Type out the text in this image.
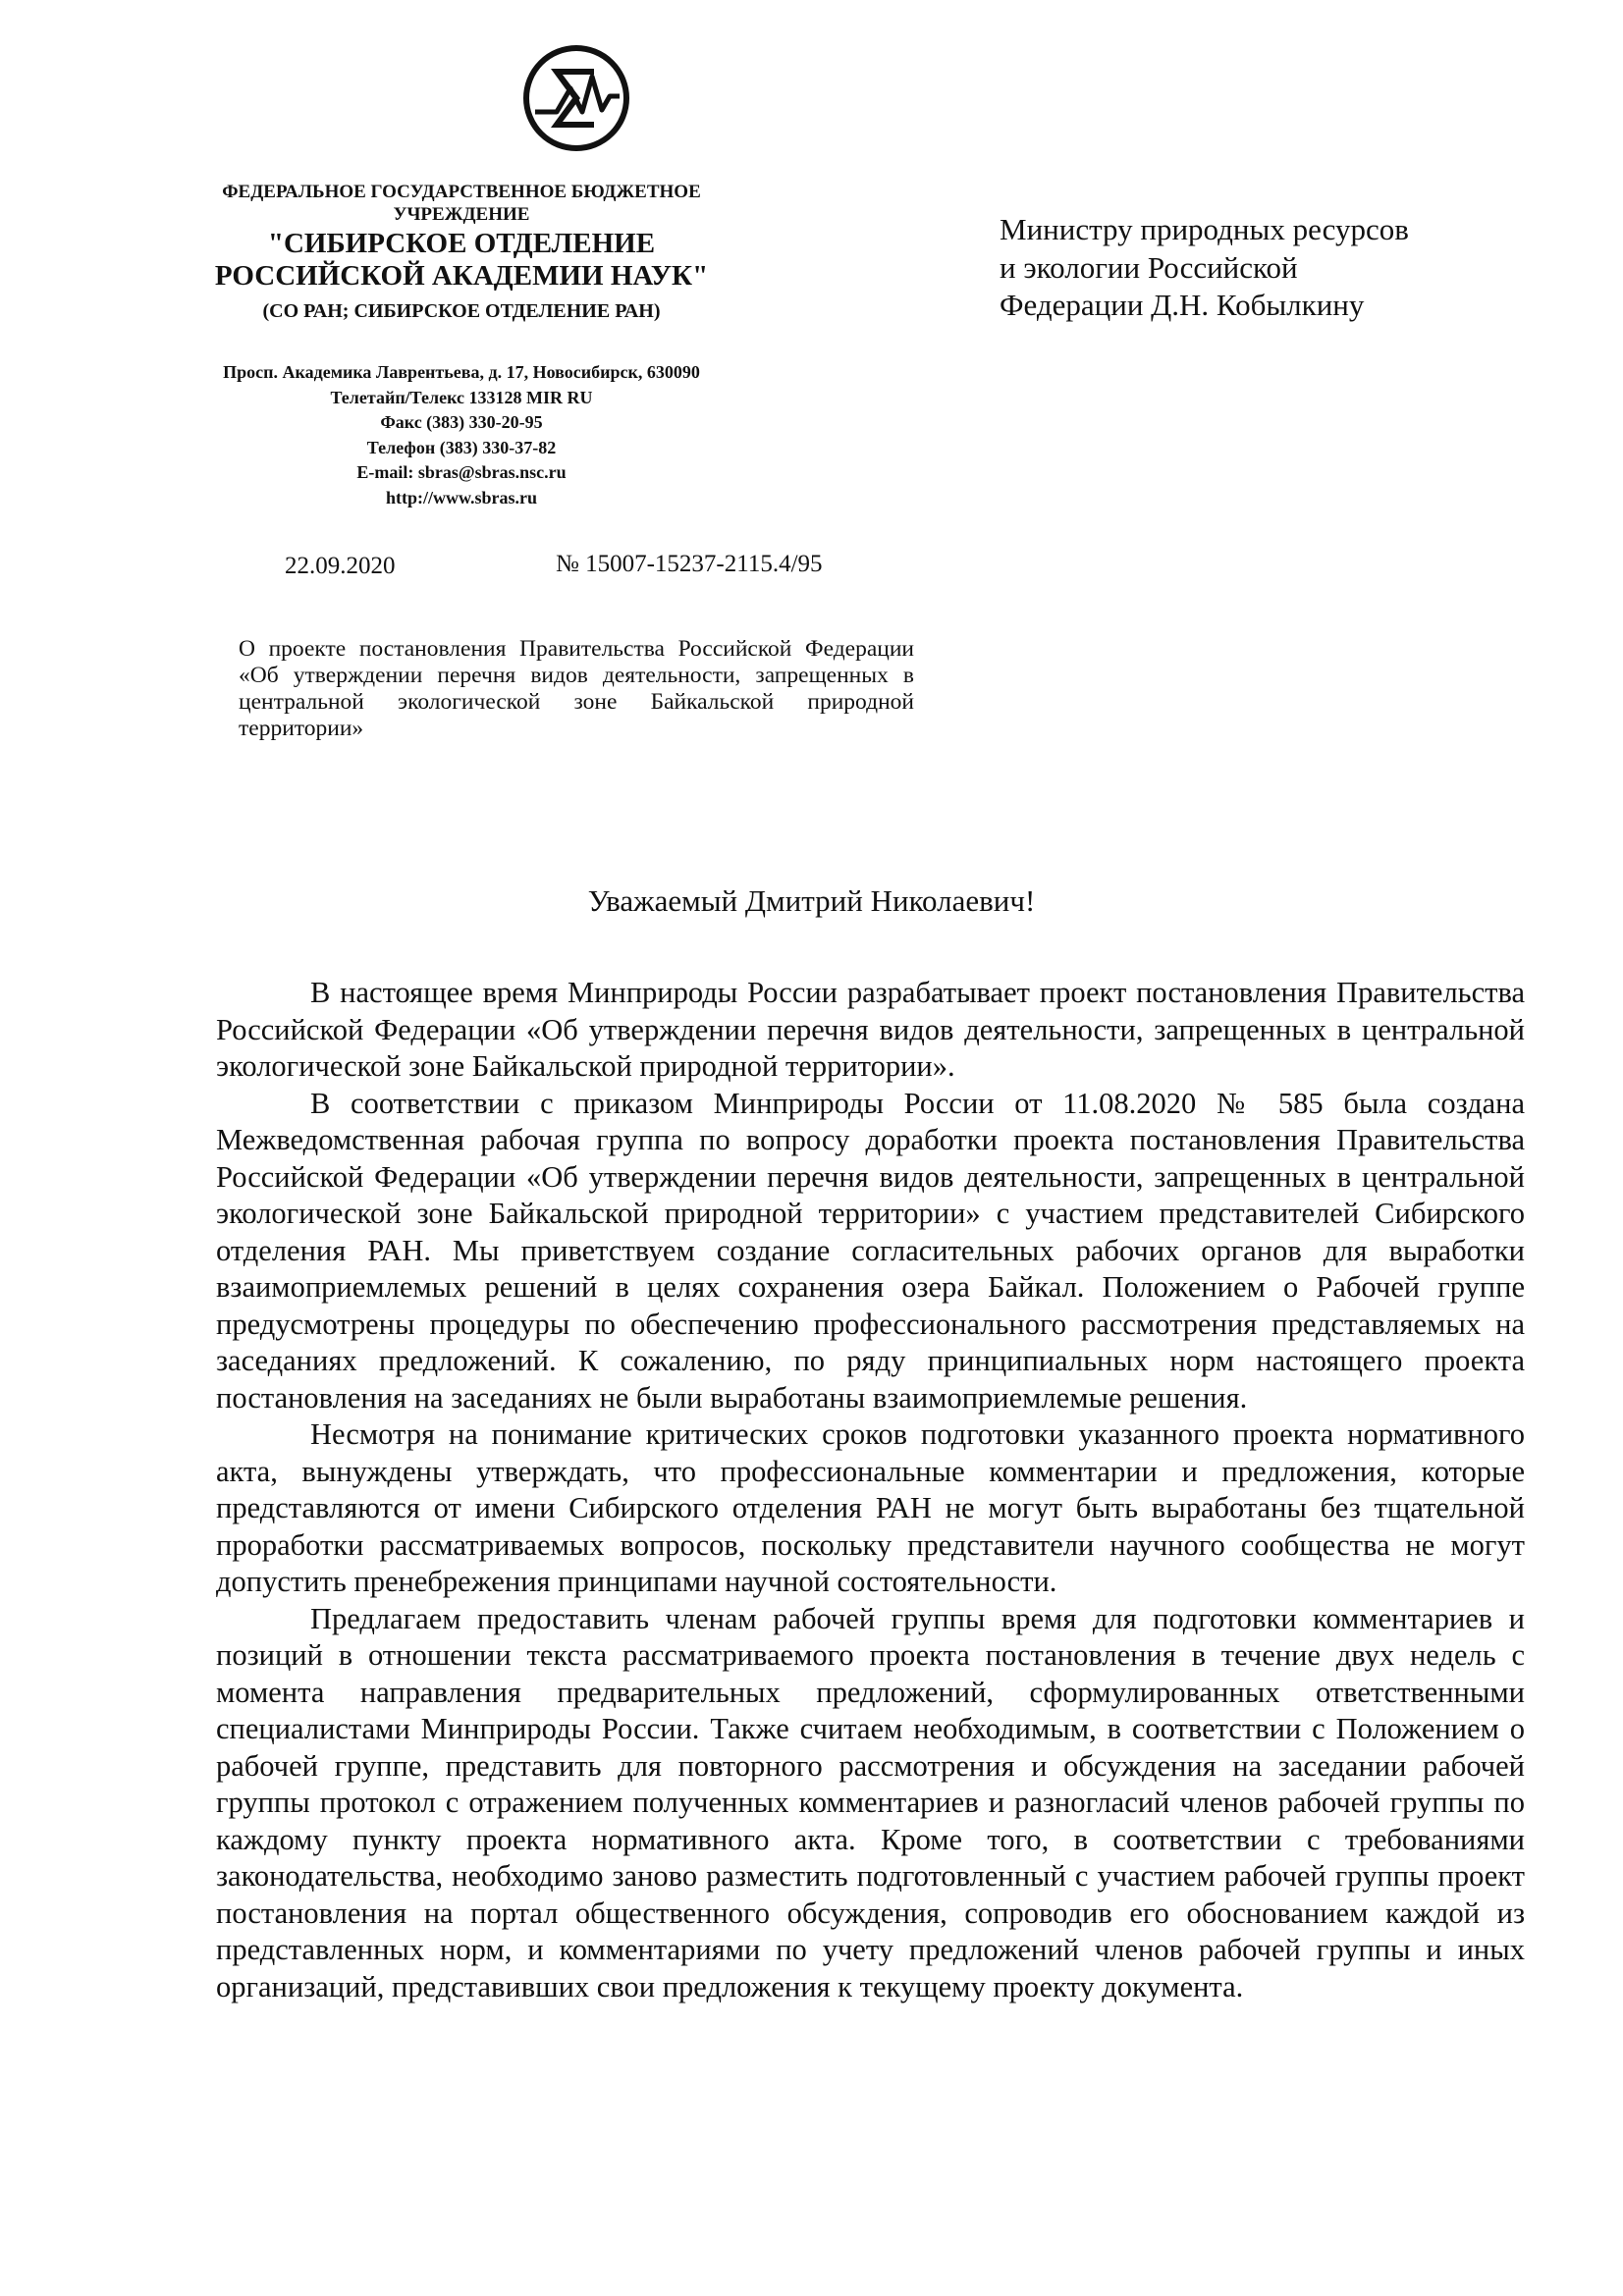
ФЕДЕРАЛЬНОЕ ГОСУДАРСТВЕННОЕ БЮДЖЕТНОЕ
УЧРЕЖДЕНИЕ
"СИБИРСКОЕ ОТДЕЛЕНИЕ
РОССИЙСКОЙ АКАДЕМИИ НАУК"
(СО РАН; СИБИРСКОЕ ОТДЕЛЕНИЕ РАН)
Просп. Академика Лаврентьева, д. 17, Новосибирск, 630090
Телетайп/Телекс 133128 MIR RU
Факс (383) 330-20-95
Телефон (383) 330-37-82
E-mail: sbras@sbras.nsc.ru
http://www.sbras.ru
Министру природных ресурсов
и экологии Российской
Федерации Д.Н. Кобылкину
22.09.2020	№ 15007-15237-2115.4/95
О проекте постановления Правительства Российской Федерации «Об утверждении перечня видов деятельности, запрещенных в центральной экологической зоне Байкальской природной территории»
Уважаемый Дмитрий Николаевич!

В настоящее время Минприроды России разрабатывает проект постановления Правительства Российской Федерации «Об утверждении перечня видов деятельности, запрещенных в центральной экологической зоне Байкальской природной территории».

В соответствии с приказом Минприроды России от 11.08.2020 № 585 была создана Межведомственная рабочая группа по вопросу доработки проекта постановления Правительства Российской Федерации «Об утверждении перечня видов деятельности, запрещенных в центральной экологической зоне Байкальской природной территории» с участием представителей Сибирского отделения РАН. Мы приветствуем создание согласительных рабочих органов для выработки взаимоприемлемых решений в целях сохранения озера Байкал. Положением о Рабочей группе предусмотрены процедуры по обеспечению профессионального рассмотрения представляемых на заседаниях предложений. К сожалению, по ряду принципиальных норм настоящего проекта постановления на заседаниях не были выработаны взаимоприемлемые решения.

Несмотря на понимание критических сроков подготовки указанного проекта нормативного акта, вынуждены утверждать, что профессиональные комментарии и предложения, которые представляются от имени Сибирского отделения РАН не могут быть выработаны без тщательной проработки рассматриваемых вопросов, поскольку представители научного сообщества не могут допустить пренебрежения принципами научной состоятельности.

Предлагаем предоставить членам рабочей группы время для подготовки комментариев и позиций в отношении текста рассматриваемого проекта постановления в течение двух недель с момента направления предварительных предложений, сформулированных ответственными специалистами Минприроды России. Также считаем необходимым, в соответствии с Положением о рабочей группе, представить для повторного рассмотрения и обсуждения на заседании рабочей группы протокол с отражением полученных комментариев и разногласий членов рабочей группы по каждому пункту проекта нормативного акта. Кроме того, в соответствии с требованиями законодательства, необходимо заново разместить подготовленный с участием рабочей группы проект постановления на портал общественного обсуждения, сопроводив его обоснованием каждой из представленных норм, и комментариями по учету предложений членов рабочей группы и иных организаций, представивших свои предложения к текущему проекту документа.
